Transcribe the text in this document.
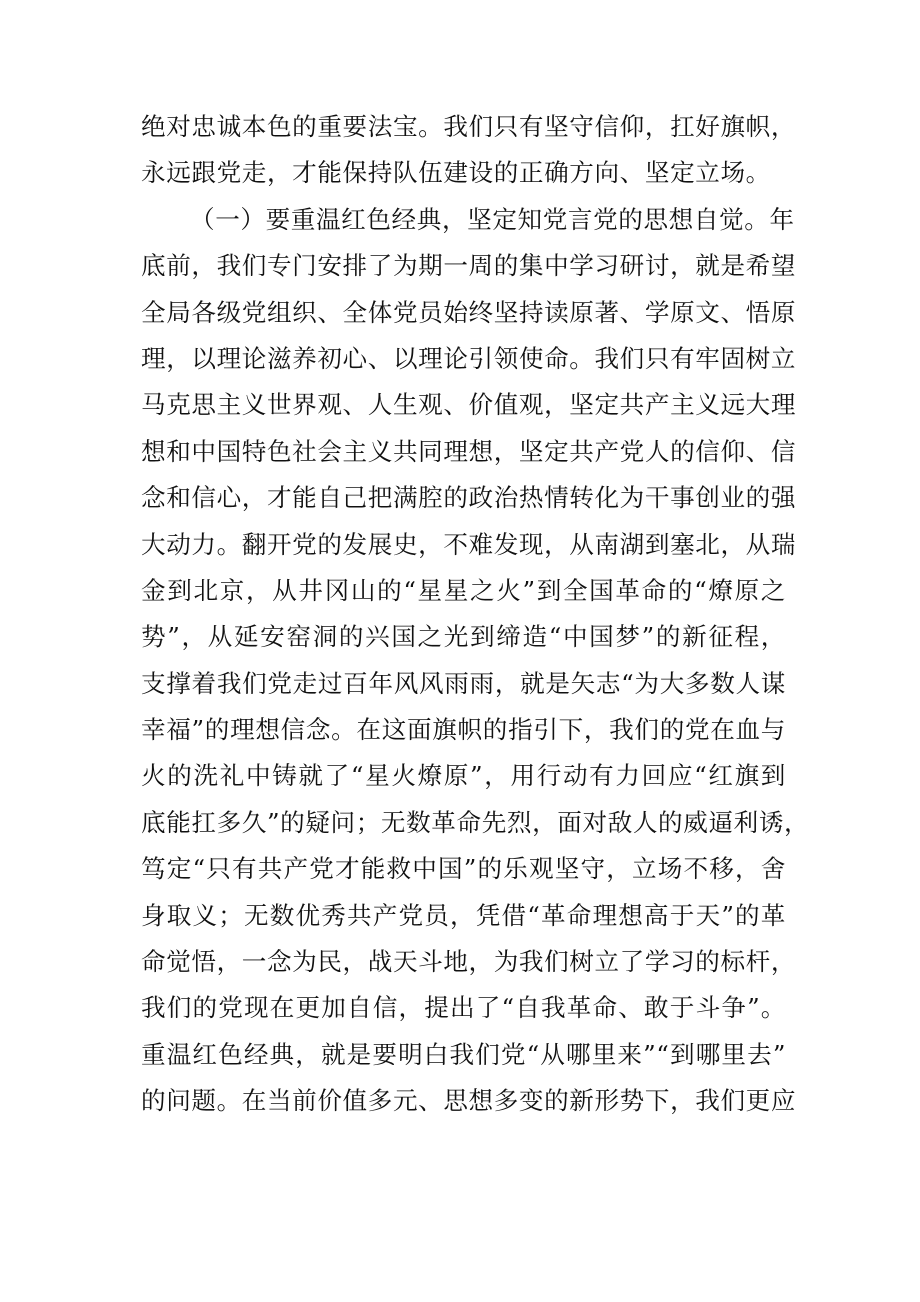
绝对忠诚本色的重要法宝。我们只有坚守信仰，扛好旗帜，
永远跟党走，才能保持队伍建设的正确方向、坚定立场。
（一）要重温红色经典，坚定知党言党的思想自觉。年
底前，我们专门安排了为期一周的集中学习研讨，就是希望
全局各级党组织、全体党员始终坚持读原著、学原文、悟原
理，以理论滋养初心、以理论引领使命。我们只有牢固树立
马克思主义世界观、人生观、价值观，坚定共产主义远大理
想和中国特色社会主义共同理想，坚定共产党人的信仰、信
念和信心，才能自己把满腔的政治热情转化为干事创业的强
大动力。翻开党的发展史，不难发现，从南湖到塞北，从瑞
金到北京，从井冈山的“星星之火”到全国革命的“燎原之
势”，从延安窑洞的兴国之光到缔造“中国梦”的新征程，
支撑着我们党走过百年风风雨雨，就是矢志“为大多数人谋
幸福”的理想信念。在这面旗帜的指引下，我们的党在血与
火的洗礼中铸就了“星火燎原”，用行动有力回应“红旗到
底能扛多久”的疑问；无数革命先烈，面对敌人的威逼利诱，
笃定“只有共产党才能救中国”的乐观坚守，立场不移，舍
身取义；无数优秀共产党员，凭借“革命理想高于天”的革
命觉悟，一念为民，战天斗地，为我们树立了学习的标杆，
我们的党现在更加自信，提出了“自我革命、敢于斗争”。
重温红色经典，就是要明白我们党“从哪里来”“到哪里去”
的问题。在当前价值多元、思想多变的新形势下，我们更应
